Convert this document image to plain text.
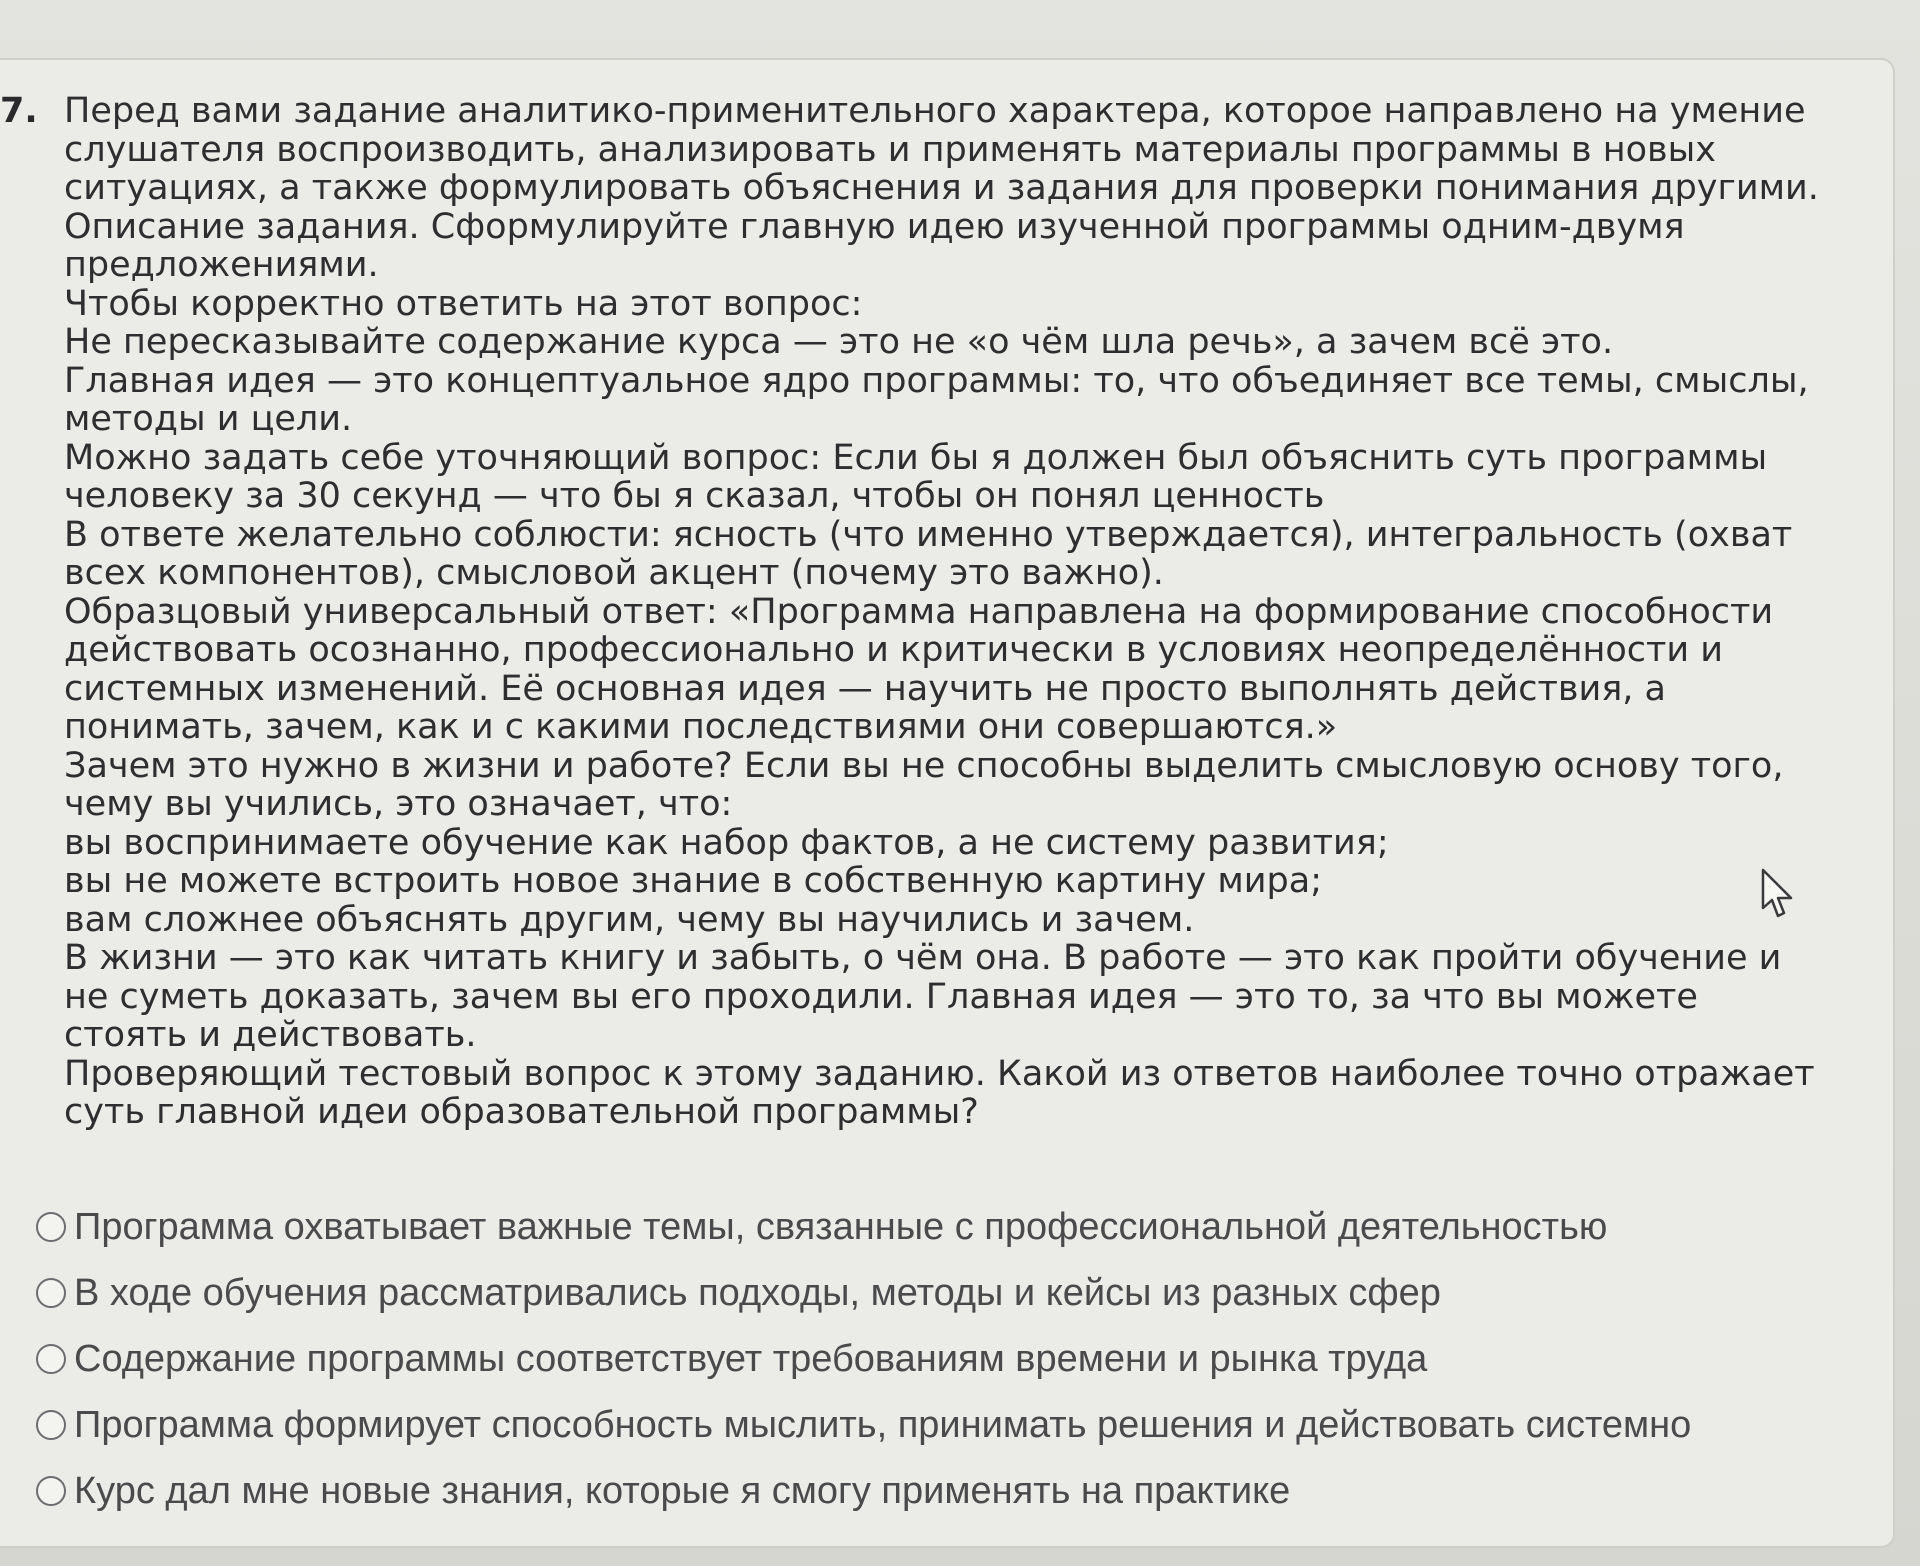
7. Перед вами задание аналитико-применительного характера, которое направлено на умение слушателя воспроизводить, анализировать и применять материалы программы в новых ситуациях, а также формулировать объяснения и задания для проверки понимания другими.

Описание задания. Сформулируйте главную идею изученной программы одним-двумя предложениями.

Чтобы корректно ответить на этот вопрос:

Не пересказывайте содержание курса — это не «о чём шла речь», а зачем всё это.

Главная идея — это концептуальное ядро программы: то, что объединяет все темы, смыслы, методы и цели.

Можно задать себе уточняющий вопрос: Если бы я должен был объяснить суть программы человеку за 30 секунд — что бы я сказал, чтобы он понял ценность

В ответе желательно соблюсти: ясность (что именно утверждается), интегральность (охват всех компонентов), смысловой акцент (почему это важно).

Образцовый универсальный ответ: «Программа направлена на формирование способности действовать осознанно, профессионально и критически в условиях неопределённости и системных изменений. Её основная идея — научить не просто выполнять действия, а понимать, зачем, как и с какими последствиями они совершаются.»

Зачем это нужно в жизни и работе? Если вы не способны выделить смысловую основу того, чему вы учились, это означает, что:

вы воспринимаете обучение как набор фактов, а не систему развития;

вы не можете встроить новое знание в собственную картину мира;

вам сложнее объяснять другим, чему вы научились и зачем.

В жизни — это как читать книгу и забыть, о чём она. В работе — это как пройти обучение и не суметь доказать, зачем вы его проходили. Главная идея — это то, за что вы можете стоять и действовать.

Проверяющий тестовый вопрос к этому заданию. Какой из ответов наиболее точно отражает суть главной идеи образовательной программы?

Программа охватывает важные темы, связанные с профессиональной деятельностью
В ходе обучения рассматривались подходы, методы и кейсы из разных сфер
Содержание программы соответствует требованиям времени и рынка труда
Программа формирует способность мыслить, принимать решения и действовать системно
Курс дал мне новые знания, которые я смогу применять на практике
